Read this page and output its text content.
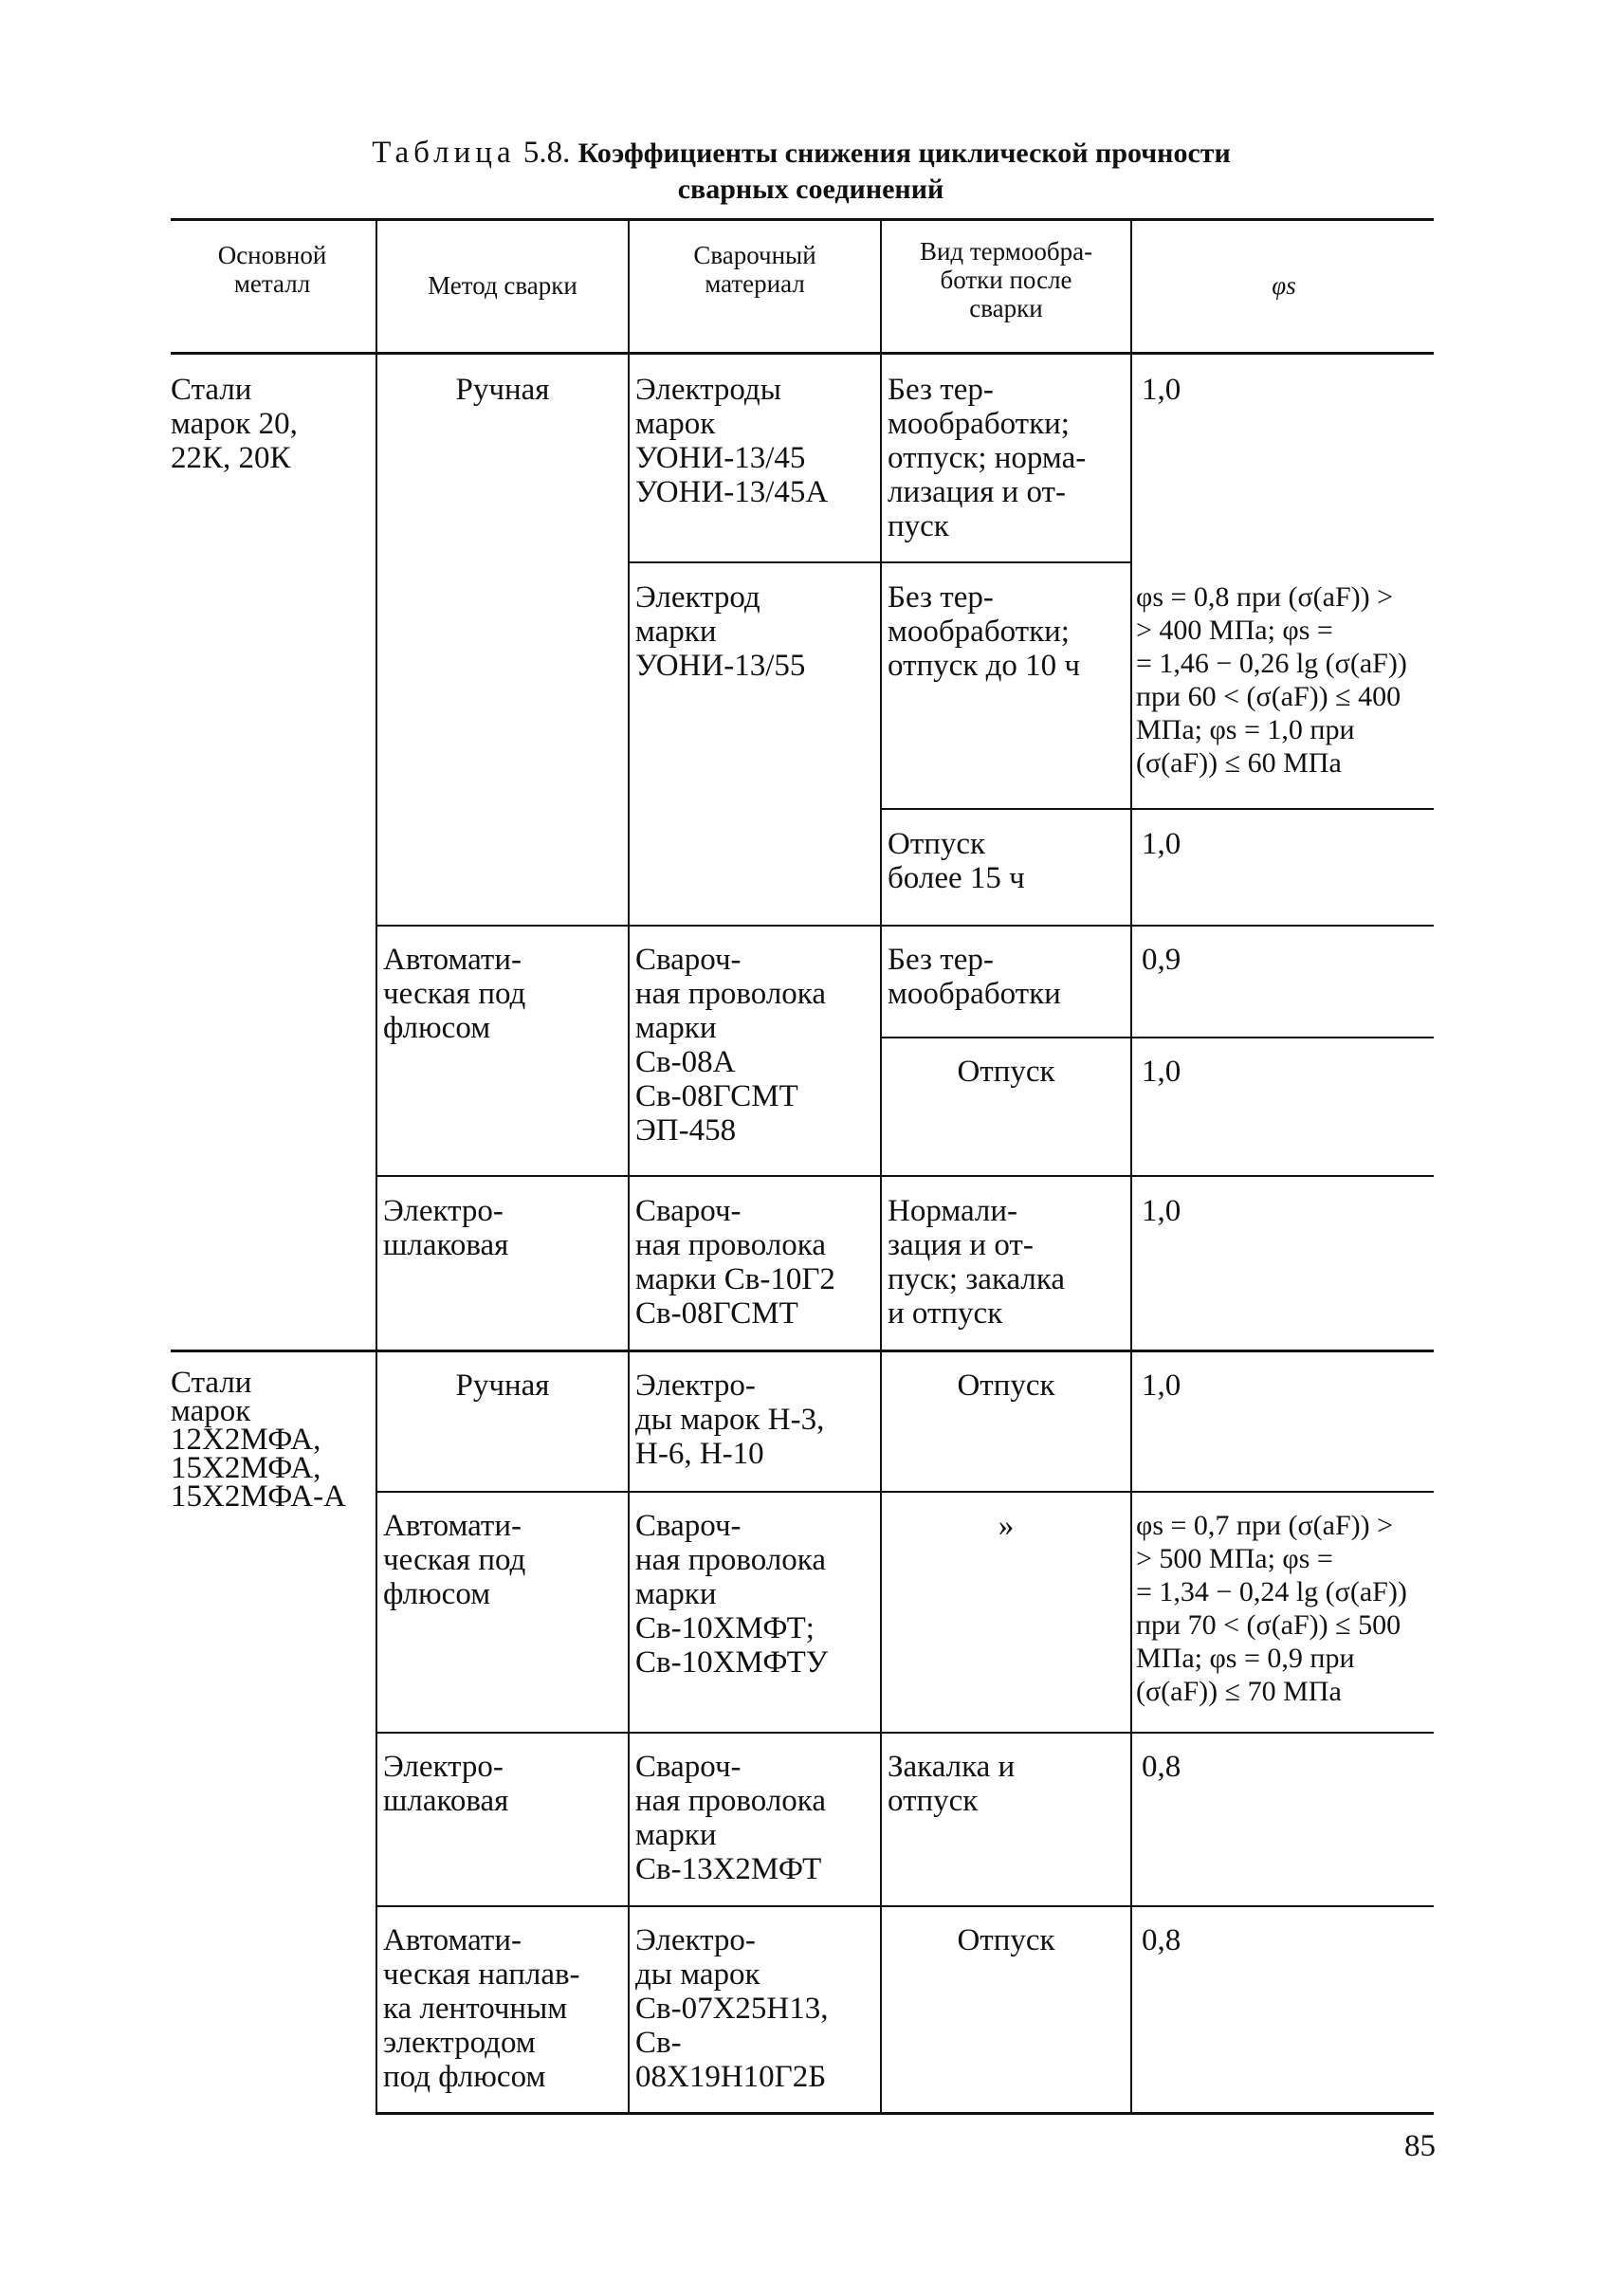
Таблица 5.8. Коэффициенты снижения циклической прочности
сварных соединений
Основной
металл	Метод сварки
Сварочный
материал
Вид термообра-
ботки после
сварки
φs
Стали
марок 20,
22К, 20К
Стали
марок
12Х2МФА,
15Х2МФА,
15Х2МФА-А
Ручная
Автомати-
ческая под
флюсом
Электро-
шлаковая
Ручная
Автомати-
ческая под
флюсом
Электро-
шлаковая
Автомати-
ческая наплав-
ка ленточным
электродом
под флюсом
Электроды
марок
УОНИ-13/45
УОНИ-13/45А
Электрод
марки
УОНИ-13/55
Свароч-
ная проволока
марки
Св-08А
Св-08ГСМТ
ЭП-458
Свароч-
ная проволока
марки Св-10Г2
Св-08ГСМТ
Электро-
ды марок Н-3,
Н-6, Н-10
Свароч-
ная проволока
марки
Св-10ХМФТ;
Св-10ХМФТУ
Свароч-
ная проволока
марки
Св-13Х2МФТ
Электро-
ды марок
Св-07Х25Н13,
Св-
08Х19Н10Г2Б
Без тер-
мообработки;
отпуск; норма-
лизация и от-
пуск
Без тер-
мообработки;
отпуск до 10 ч
Отпуск
более 15 ч
Без тер-
мообработки
Отпуск
Нормали-
зация и от-
пуск; закалка
и отпуск
Отпуск
»
Закалка и
отпуск
Отпуск
1,0
φs = 0,8 при (σ(aF)) >
> 400 МПа; φs =
= 1,46 − 0,26 lg (σ(aF))
при 60 < (σ(aF)) ≤ 400
МПа; φs = 1,0 при
(σ(aF)) ≤ 60 МПа
1,0
0,9
1,0
1,0
1,0
φs = 0,7 при (σ(aF)) >
> 500 МПа; φs =
= 1,34 − 0,24 lg (σ(aF))
при 70 < (σ(aF)) ≤ 500
МПа; φs = 0,9 при
(σ(aF)) ≤ 70 МПа
0,8
0,8
85
